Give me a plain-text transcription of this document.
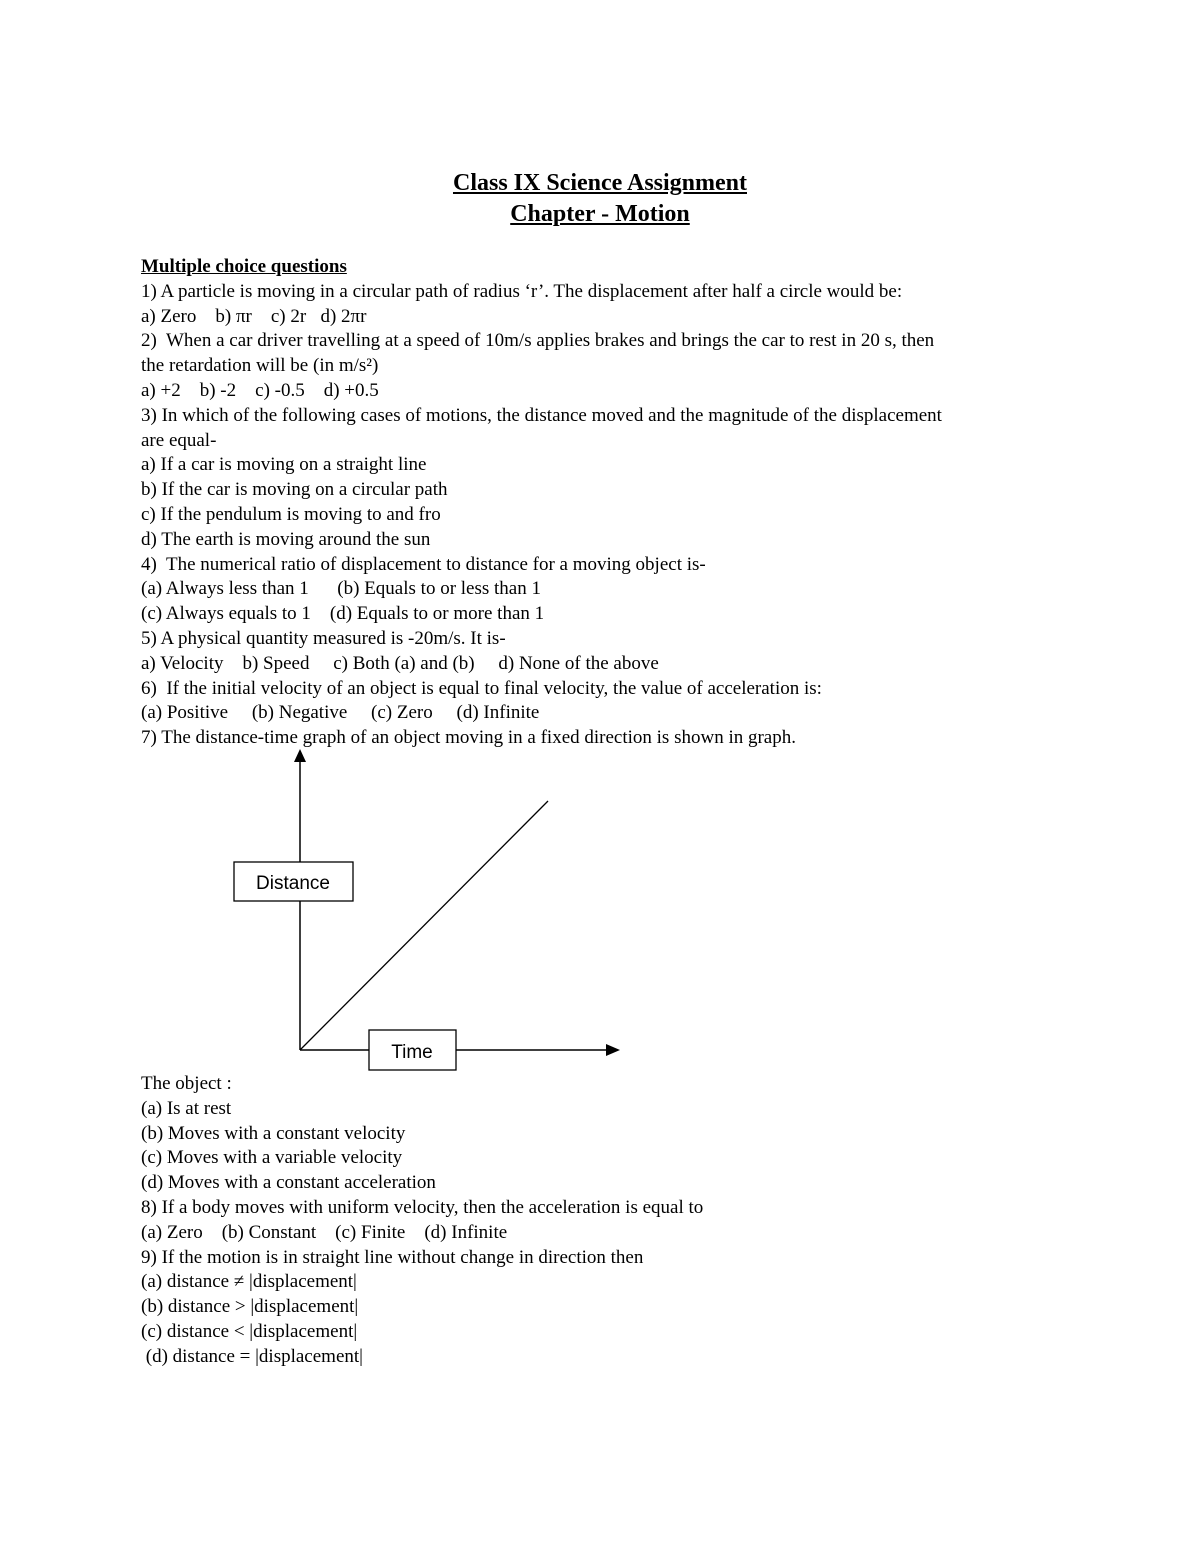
Class IX Science Assignment
Chapter - Motion
Multiple choice questions
1) A particle is moving in a circular path of radius ‘r’. The displacement after half a circle would be:
a) Zero    b) πr    c) 2r   d) 2πr
2)  When a car driver travelling at a speed of 10m/s applies brakes and brings the car to rest in 20 s, then
the retardation will be (in m/s²)
a) +2    b) -2    c) -0.5    d) +0.5
3) In which of the following cases of motions, the distance moved and the magnitude of the displacement
are equal-
a) If a car is moving on a straight line
b) If the car is moving on a circular path
c) If the pendulum is moving to and fro
d) The earth is moving around the sun
4)  The numerical ratio of displacement to distance for a moving object is-
(a) Always less than 1      (b) Equals to or less than 1
(c) Always equals to 1    (d) Equals to or more than 1
5) A physical quantity measured is -20m/s. It is-
a) Velocity    b) Speed     c) Both (a) and (b)     d) None of the above
6)  If the initial velocity of an object is equal to final velocity, the value of acceleration is:
(a) Positive     (b) Negative     (c) Zero     (d) Infinite
7) The distance-time graph of an object moving in a fixed direction is shown in graph.
Distance
Time
The object :
(a) Is at rest
(b) Moves with a constant velocity
(c) Moves with a variable velocity
(d) Moves with a constant acceleration
8) If a body moves with uniform velocity, then the acceleration is equal to
(a) Zero    (b) Constant    (c) Finite    (d) Infinite
9) If the motion is in straight line without change in direction then
(a) distance ≠ |displacement|
(b) distance > |displacement|
(c) distance < |displacement|
(d) distance = |displacement|
